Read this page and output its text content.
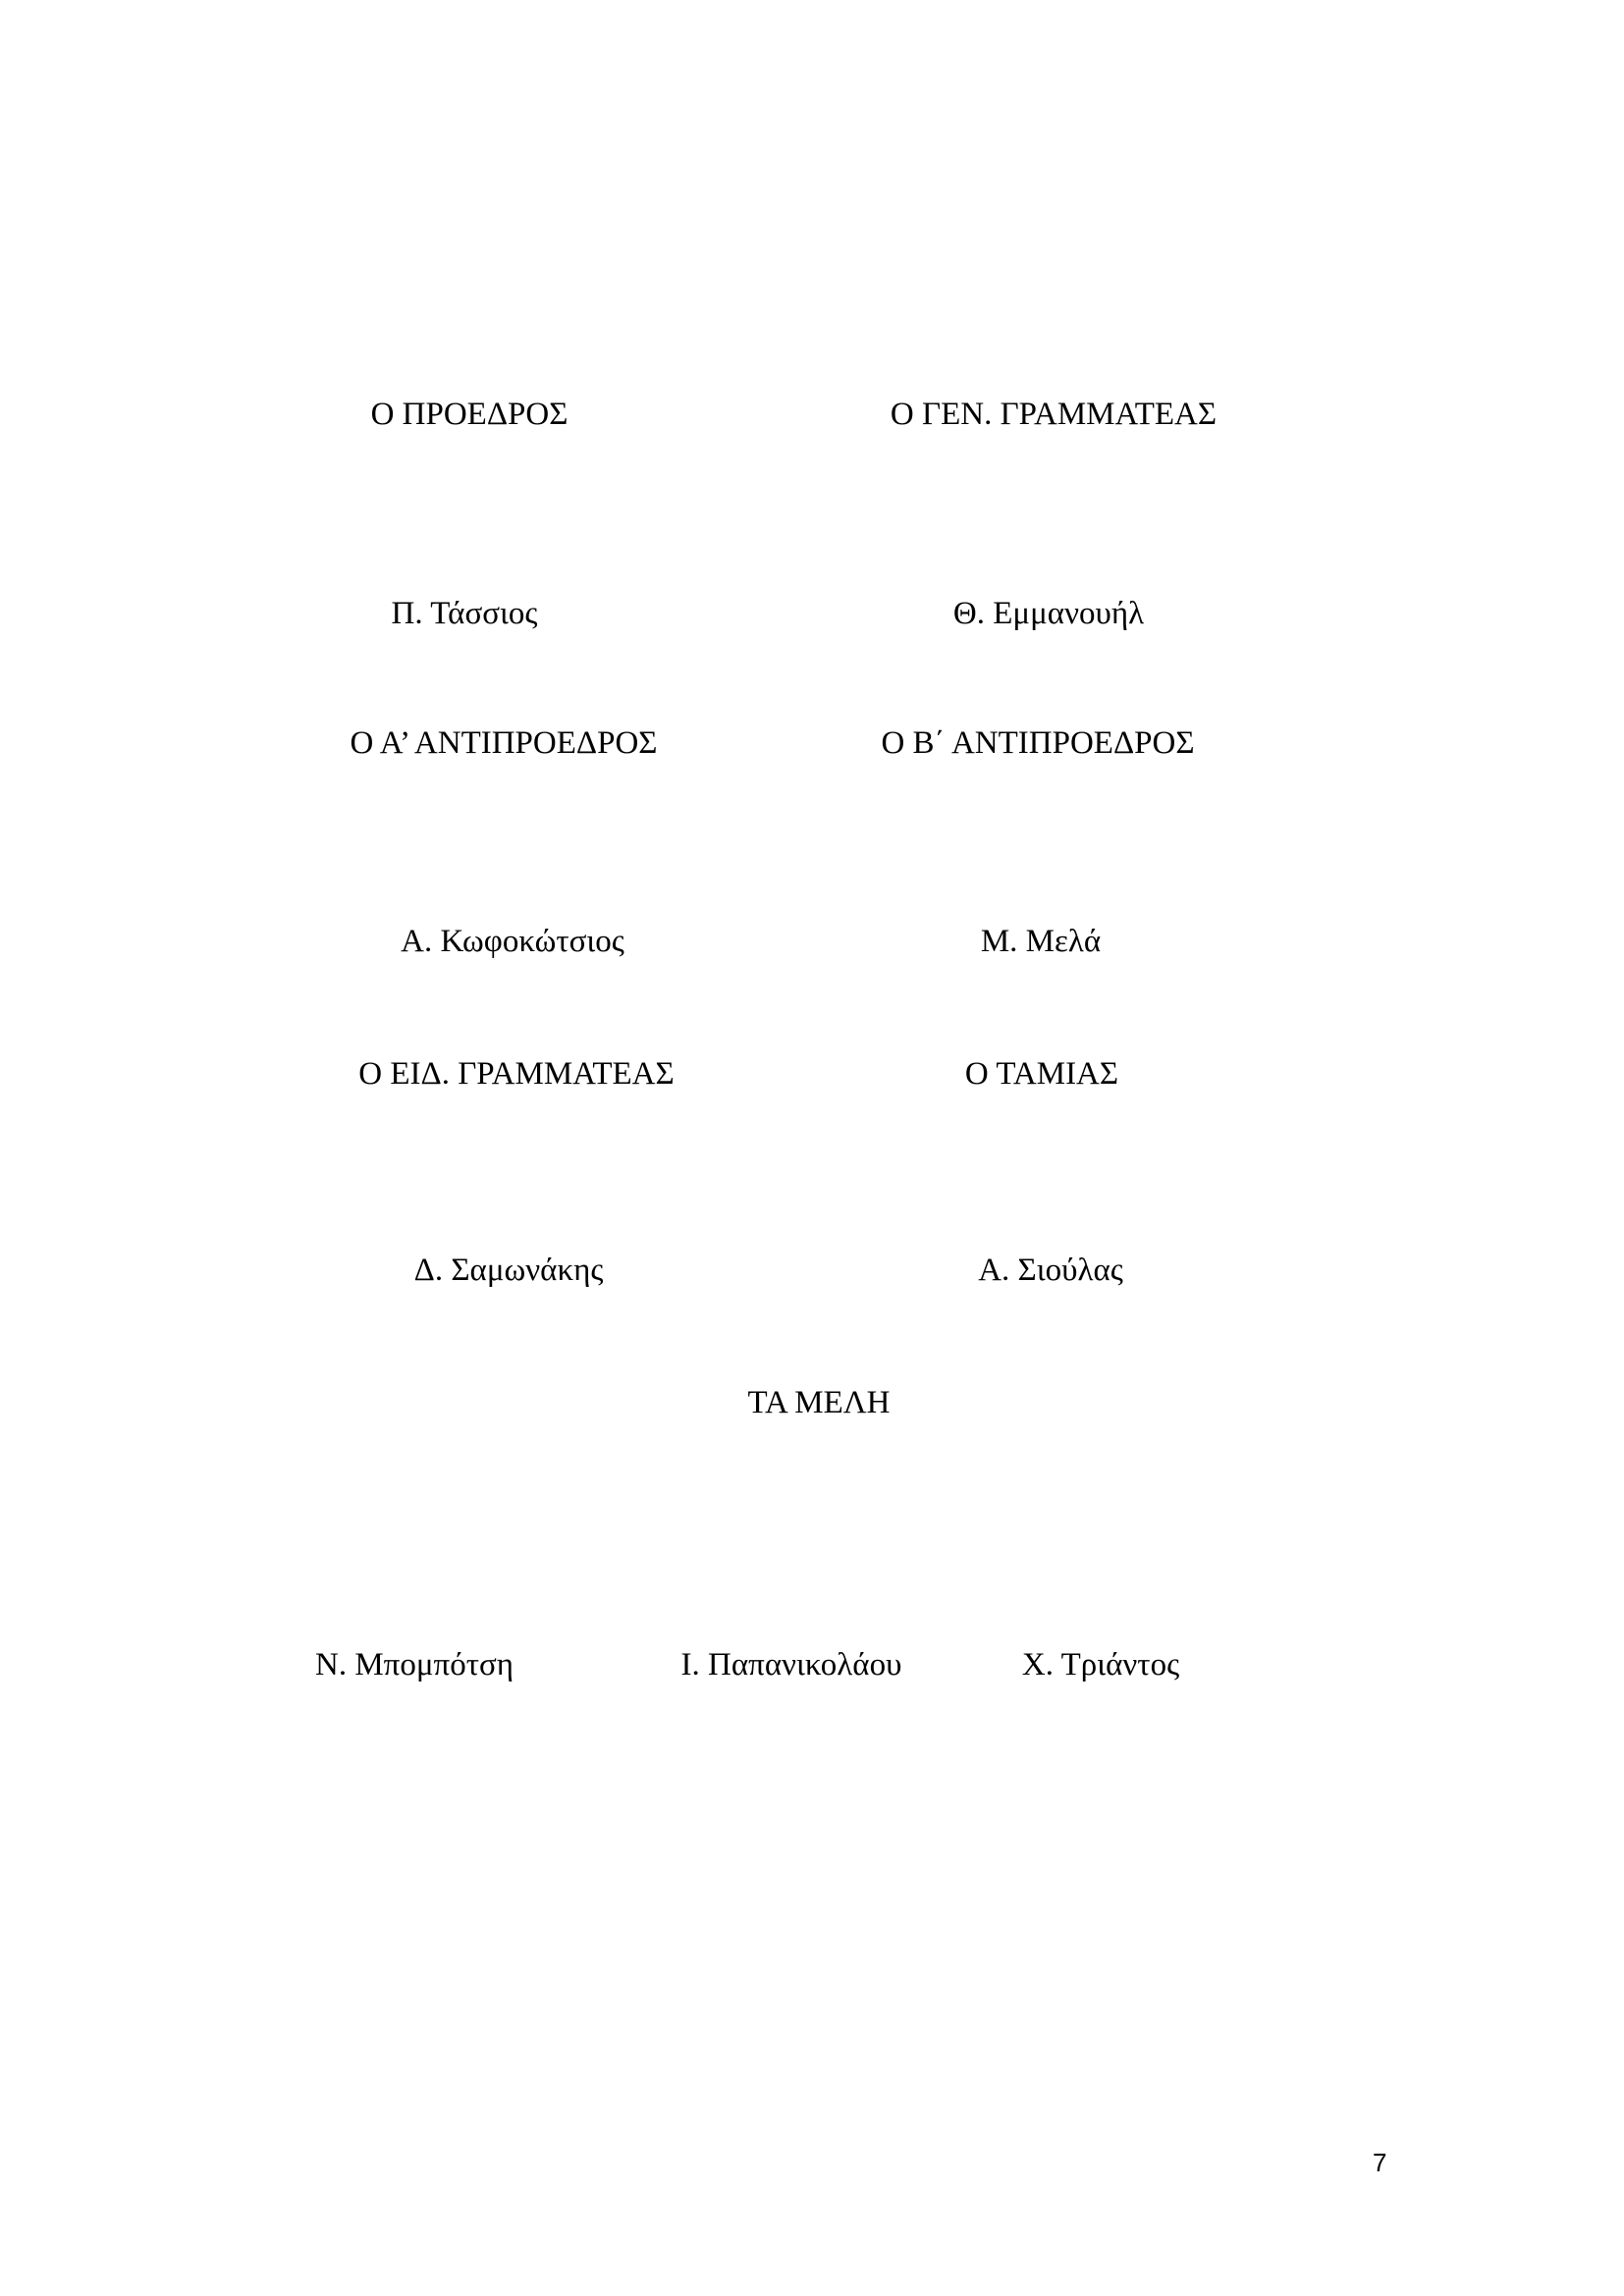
Ο ΠΡΟΕΔΡΟΣ	Ο ΓΕΝ. ΓΡΑΜΜΑΤΕΑΣ
Π. Τάσσιος	Θ. Εμμανουήλ
Ο Α’ ΑΝΤΙΠΡΟΕΔΡΟΣ	Ο Β΄ ΑΝΤΙΠΡΟΕΔΡΟΣ
Α. Κωφοκώτσιος	Μ. Μελά
Ο ΕΙΔ. ΓΡΑΜΜΑΤΕΑΣ	Ο ΤΑΜΙΑΣ
Δ. Σαμωνάκης	Α. Σιούλας
ΤΑ ΜΕΛΗ
Ν. Μπομπότση	Ι. Παπανικολάου	Χ. Τριάντος
7
